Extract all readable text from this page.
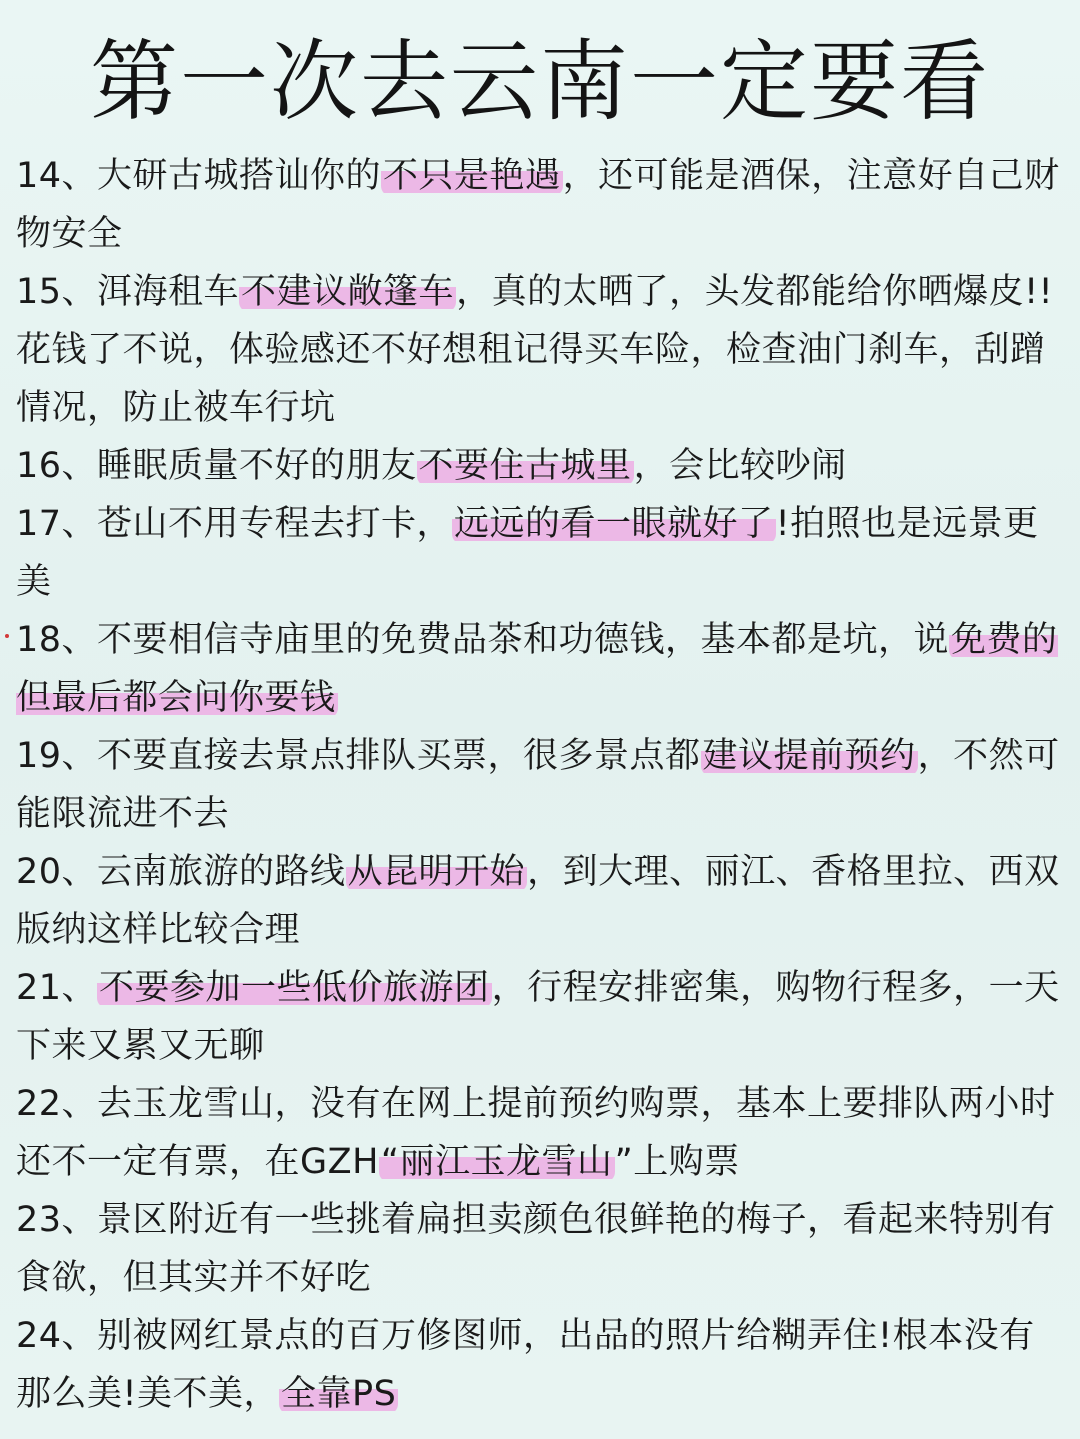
第一次去云南一定要看

14、大研古城搭讪你的不只是艳遇，还可能是酒保，注意好自己财物安全

15、洱海租车不建议敞篷车，真的太晒了，头发都能给你晒爆皮!!花钱了不说，体验感还不好想租记得买车险，检查油门刹车，刮蹭情况，防止被车行坑

16、睡眠质量不好的朋友不要住古城里，会比较吵闹

17、苍山不用专程去打卡，远远的看一眼就好了!拍照也是远景更美

18、不要相信寺庙里的免费品茶和功德钱，基本都是坑，说免费的但最后都会问你要钱

19、不要直接去景点排队买票，很多景点都建议提前预约，不然可能限流进不去

20、云南旅游的路线从昆明开始，到大理、丽江、香格里拉、西双版纳这样比较合理

21、不要参加一些低价旅游团，行程安排密集，购物行程多，一天下来又累又无聊

22、去玉龙雪山，没有在网上提前预约购票，基本上要排队两小时还不一定有票，在GZH“丽江玉龙雪山”上购票

23、景区附近有一些挑着扁担卖颜色很鲜艳的梅子，看起来特别有食欲，但其实并不好吃

24、别被网红景点的百万修图师，出品的照片给糊弄住!根本没有那么美!美不美，全靠PS
